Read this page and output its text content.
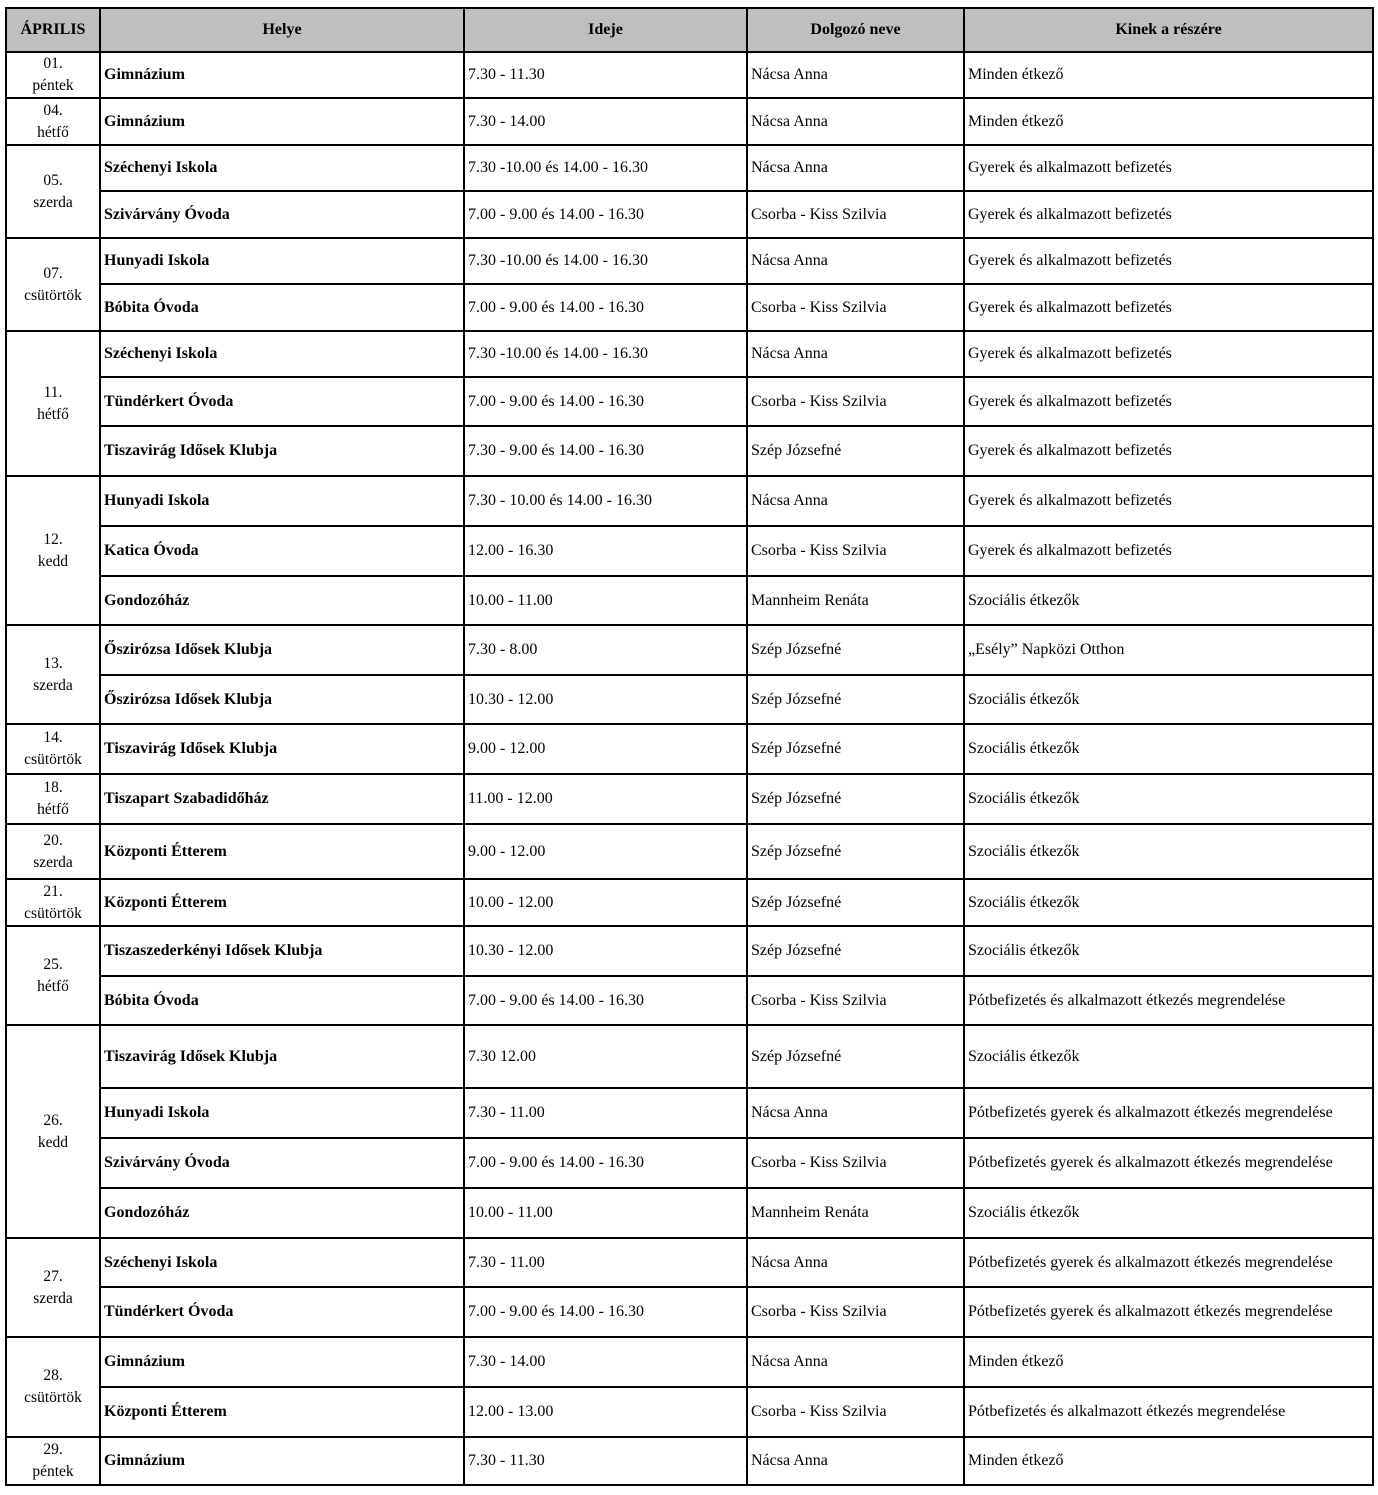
ÁPRILIS	Helye	Ideje	Dolgozó neve	Kinek a részére

01.
péntek	Gimnázium	7.30 - 11.30	Nácsa Anna	Minden étkező

04.
hétfő	Gimnázium	7.30 - 14.00	Nácsa Anna	Minden étkező

05.
szerda	Széchenyi Iskola	7.30 -10.00 és 14.00 - 16.30	Nácsa Anna	Gyerek és alkalmazott befizetés
	Szivárvány Óvoda	7.00 - 9.00 és 14.00 - 16.30	Csorba - Kiss Szilvia	Gyerek és alkalmazott befizetés

07.
csütörtök	Hunyadi Iskola	7.30 -10.00 és 14.00 - 16.30	Nácsa Anna	Gyerek és alkalmazott befizetés
	Bóbita Óvoda	7.00 - 9.00 és 14.00 - 16.30	Csorba - Kiss Szilvia	Gyerek és alkalmazott befizetés

11.
hétfő	Széchenyi Iskola	7.30 -10.00 és 14.00 - 16.30	Nácsa Anna	Gyerek és alkalmazott befizetés
	Tündérkert Óvoda	7.00 - 9.00 és 14.00 - 16.30	Csorba - Kiss Szilvia	Gyerek és alkalmazott befizetés
	Tiszavirág Idősek Klubja	7.30 - 9.00 és 14.00 - 16.30	Szép Józsefné	Gyerek és alkalmazott befizetés

12.
kedd	Hunyadi Iskola	7.30 - 10.00 és 14.00 - 16.30	Nácsa Anna	Gyerek és alkalmazott befizetés
	Katica Óvoda	12.00 - 16.30	Csorba - Kiss Szilvia	Gyerek és alkalmazott befizetés
	Gondozóház	10.00 - 11.00	Mannheim Renáta	Szociális étkezők

13.
szerda	Őszirózsa Idősek Klubja	7.30 - 8.00	Szép Józsefné	„Esély” Napközi Otthon
	Őszirózsa Idősek Klubja	10.30 - 12.00	Szép Józsefné	Szociális étkezők

14.
csütörtök	Tiszavirág Idősek Klubja	9.00 - 12.00	Szép Józsefné	Szociális étkezők

18.
hétfő	Tiszapart Szabadidőház	11.00 - 12.00	Szép Józsefné	Szociális étkezők

20.
szerda	Központi Étterem	9.00 - 12.00	Szép Józsefné	Szociális étkezők

21.
csütörtök	Központi Étterem	10.00 - 12.00	Szép Józsefné	Szociális étkezők

25.
hétfő	Tiszaszederkényi Idősek Klubja	10.30 - 12.00	Szép Józsefné	Szociális étkezők
	Bóbita Óvoda	7.00 - 9.00 és 14.00 - 16.30	Csorba - Kiss Szilvia	Pótbefizetés és alkalmazott étkezés megrendelése

26.
kedd	Tiszavirág Idősek Klubja	7.30 12.00	Szép Józsefné	Szociális étkezők
	Hunyadi Iskola	7.30 - 11.00	Nácsa Anna	Pótbefizetés gyerek és alkalmazott étkezés megrendelése
	Szivárvány Óvoda	7.00 - 9.00 és 14.00 - 16.30	Csorba - Kiss Szilvia	Pótbefizetés gyerek és alkalmazott étkezés megrendelése
	Gondozóház	10.00 - 11.00	Mannheim Renáta	Szociális étkezők

27.
szerda	Széchenyi Iskola	7.30 - 11.00	Nácsa Anna	Pótbefizetés gyerek és alkalmazott étkezés megrendelése
	Tündérkert Óvoda	7.00 - 9.00 és 14.00 - 16.30	Csorba - Kiss Szilvia	Pótbefizetés gyerek és alkalmazott étkezés megrendelése

28.
csütörtök	Gimnázium	7.30 - 14.00	Nácsa Anna	Minden étkező
	Központi Étterem	12.00 - 13.00	Csorba - Kiss Szilvia	Pótbefizetés és alkalmazott étkezés megrendelése

29.
péntek	Gimnázium	7.30 - 11.30	Nácsa Anna	Minden étkező
